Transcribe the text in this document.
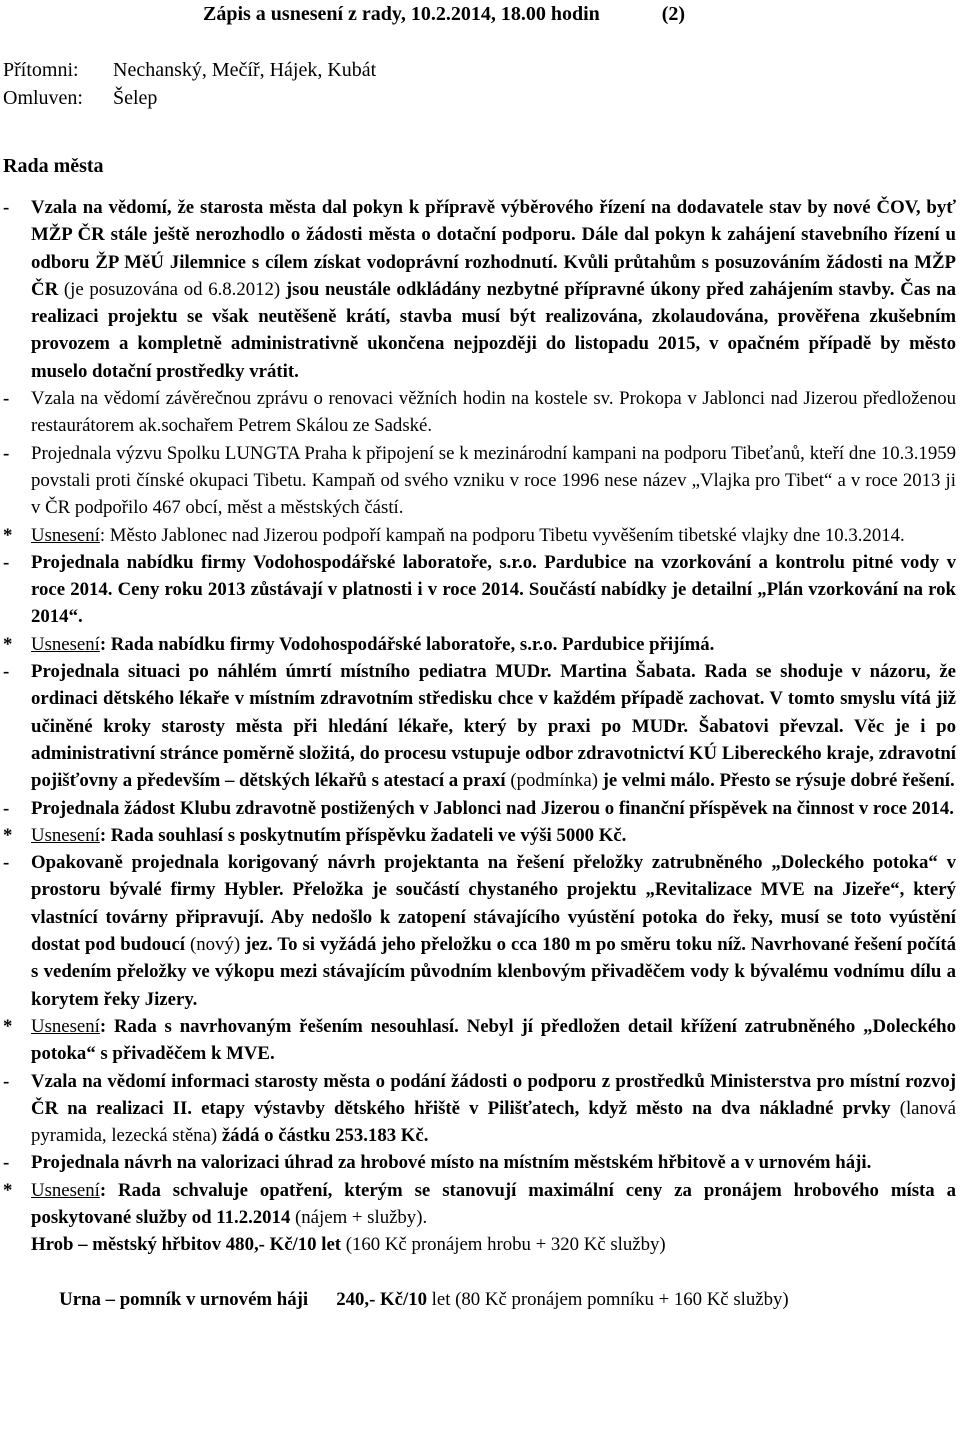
Zápis a usnesení z rady, 10.2.2014, 18.00 hodin	(2)
Přítomni: Nechanský, Mečíř, Hájek, Kubát
Omluven: Šelep
Rada města
- Vzala na vědomí, že starosta města dal pokyn k přípravě výběrového řízení na dodavatele stav by nové ČOV, byť MŽP ČR stále ještě nerozhodlo o žádosti města o dotační podporu. Dále dal pokyn k zahájení stavebního řízení u odboru ŽP MěÚ Jilemnice s cílem získat vodoprávní rozhodnutí. Kvůli průtahům s posuzováním žádosti na MŽP ČR (je posuzována od 6.8.2012) jsou neustále odkládány nezbytné přípravné úkony před zahájením stavby. Čas na realizaci projektu se však neutěšeně krátí, stavba musí být realizována, zkolaudována, prověřena zkušebním provozem a kompletně administrativně ukončena nejpozději do listopadu 2015, v opačném případě by město muselo dotační prostředky vrátit.
- Vzala na vědomí závěrečnou zprávu o renovaci věžních hodin na kostele sv. Prokopa v Jablonci nad Jizerou předloženou restaurátorem ak.sochařem Petrem Skálou ze Sadské.
- Projednala výzvu Spolku LUNGTA Praha k připojení se k mezinárodní kampani na podporu Tibeťanů, kteří dne 10.3.1959 povstali proti čínské okupaci Tibetu. Kampaň od svého vzniku v roce 1996 nese název „Vlajka pro Tibet“ a v roce 2013 ji v ČR podpořilo 467 obcí, měst a městských částí.
* Usnesení: Město Jablonec nad Jizerou podpoří kampaň na podporu Tibetu vyvěšením tibetské vlajky dne 10.3.2014.
- Projednala nabídku firmy Vodohospodářské laboratoře, s.r.o. Pardubice na vzorkování a kontrolu pitné vody v roce 2014. Ceny roku 2013 zůstávají v platnosti i v roce 2014. Součástí nabídky je detailní „Plán vzorkování na rok 2014“.
* Usnesení: Rada nabídku firmy Vodohospodářské laboratoře, s.r.o. Pardubice přijímá.
- Projednala situaci po náhlém úmrtí místního pediatra MUDr. Martina Šabata. Rada se shoduje v názoru, že ordinaci dětského lékaře v místním zdravotním středisku chce v každém případě zachovat. V tomto smyslu vítá již učiněné kroky starosty města při hledání lékaře, který by praxi po MUDr. Šabatovi převzal. Věc je i po administrativní stránce poměrně složitá, do procesu vstupuje odbor zdravotnictví KÚ Libereckého kraje, zdravotní pojišťovny a především – dětských lékařů s atestací a praxí (podmínka) je velmi málo. Přesto se rýsuje dobré řešení.
- Projednala žádost Klubu zdravotně postižených v Jablonci nad Jizerou o finanční příspěvek na činnost v roce 2014.
* Usnesení: Rada souhlasí s poskytnutím příspěvku žadateli ve výši 5000 Kč.
- Opakovaně projednala korigovaný návrh projektanta na řešení přeložky zatrubněného „Doleckého potoka“ v prostoru bývalé firmy Hybler. Přeložka je součástí chystaného projektu „Revitalizace MVE na Jizeře“, který vlastnící továrny připravují. Aby nedošlo k zatopení stávajícího vyústění potoka do řeky, musí se toto vyústění dostat pod budoucí (nový) jez. To si vyžádá jeho přeložku o cca 180 m po směru toku níž. Navrhované řešení počítá s vedením přeložky ve výkopu mezi stávajícím původním klenbovým přivaděčem vody k bývalému vodnímu dílu a korytem řeky Jizery.
* Usnesení: Rada s navrhovaným řešením nesouhlasí. Nebyl jí předložen detail křížení zatrubněného „Doleckého potoka“ s přivaděčem k MVE.
- Vzala na vědomí informaci starosty města o podání žádosti o podporu z prostředků Ministerstva pro místní rozvoj ČR na realizaci II. etapy výstavby dětského hřiště v Pilišťatech, když město na dva nákladné prvky (lanová pyramida, lezecká stěna) žádá o částku 253.183 Kč.
- Projednala návrh na valorizaci úhrad za hrobové místo na místním městském hřbitově a v urnovém háji.
* Usnesení: Rada schvaluje opatření, kterým se stanovují maximální ceny za pronájem hrobového místa a poskytované služby od 11.2.2014 (nájem + služby).
Hrob – městský hřbitov 480,- Kč/10 let (160 Kč pronájem hrobu + 320 Kč služby)

Urna – pomník v urnovém háji      240,- Kč/10 let (80 Kč pronájem pomníku + 160 Kč služby)
